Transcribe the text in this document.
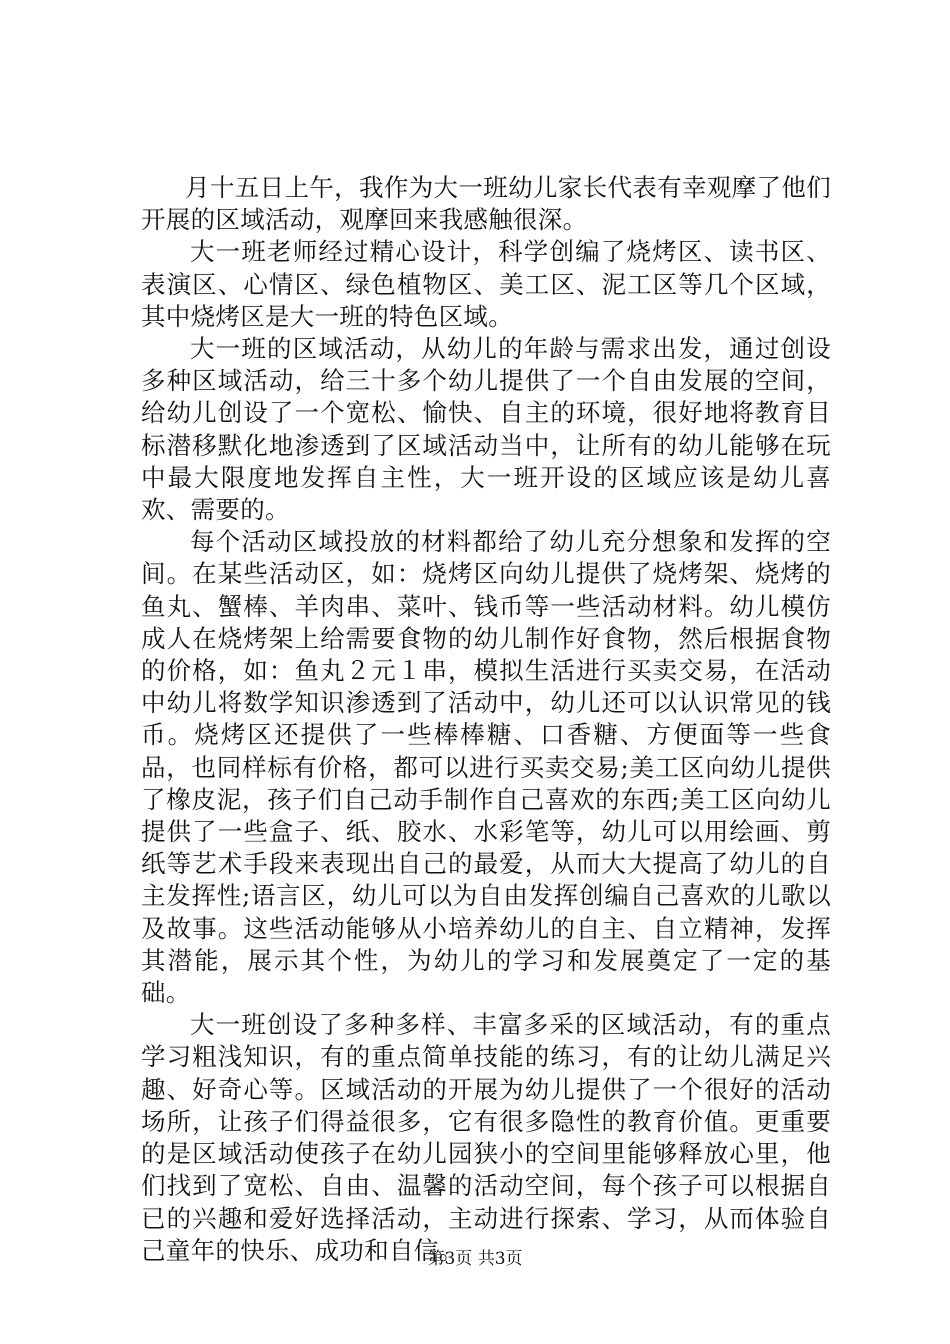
月十五日上午，我作为大一班幼儿家长代表有幸观摩了他们开展的区域活动，观摩回来我感触很深。

大一班老师经过精心设计，科学创编了烧烤区、读书区、表演区、心情区、绿色植物区、美工区、泥工区等几个区域，其中烧烤区是大一班的特色区域。

大一班的区域活动，从幼儿的年龄与需求出发，通过创设多种区域活动，给三十多个幼儿提供了一个自由发展的空间，给幼儿创设了一个宽松、愉快、自主的环境，很好地将教育目标潜移默化地渗透到了区域活动当中，让所有的幼儿能够在玩中最大限度地发挥自主性，大一班开设的区域应该是幼儿喜欢、需要的。

每个活动区域投放的材料都给了幼儿充分想象和发挥的空间。在某些活动区，如：烧烤区向幼儿提供了烧烤架、烧烤的鱼丸、蟹棒、羊肉串、菜叶、钱币等一些活动材料。幼儿模仿成人在烧烤架上给需要食物的幼儿制作好食物，然后根据食物的价格，如：鱼丸２元１串，模拟生活进行买卖交易，在活动中幼儿将数学知识渗透到了活动中，幼儿还可以认识常见的钱币。烧烤区还提供了一些棒棒糖、口香糖、方便面等一些食品，也同样标有价格，都可以进行买卖交易;美工区向幼儿提供了橡皮泥，孩子们自己动手制作自己喜欢的东西;美工区向幼儿提供了一些盒子、纸、胶水、水彩笔等，幼儿可以用绘画、剪纸等艺术手段来表现出自己的最爱，从而大大提高了幼儿的自主发挥性;语言区，幼儿可以为自由发挥创编自己喜欢的儿歌以及故事。这些活动能够从小培养幼儿的自主、自立精神，发挥其潜能，展示其个性，为幼儿的学习和发展奠定了一定的基础。

大一班创设了多种多样、丰富多采的区域活动，有的重点学习粗浅知识，有的重点简单技能的练习，有的让幼儿满足兴趣、好奇心等。区域活动的开展为幼儿提供了一个很好的活动场所，让孩子们得益很多，它有很多隐性的教育价值。更重要的是区域活动使孩子在幼儿园狭小的空间里能够释放心里，他们找到了宽松、自由、温馨的活动空间，每个孩子可以根据自已的兴趣和爱好选择活动，主动进行探索、学习，从而体验自己童年的快乐、成功和自信。

第3页 共3页
